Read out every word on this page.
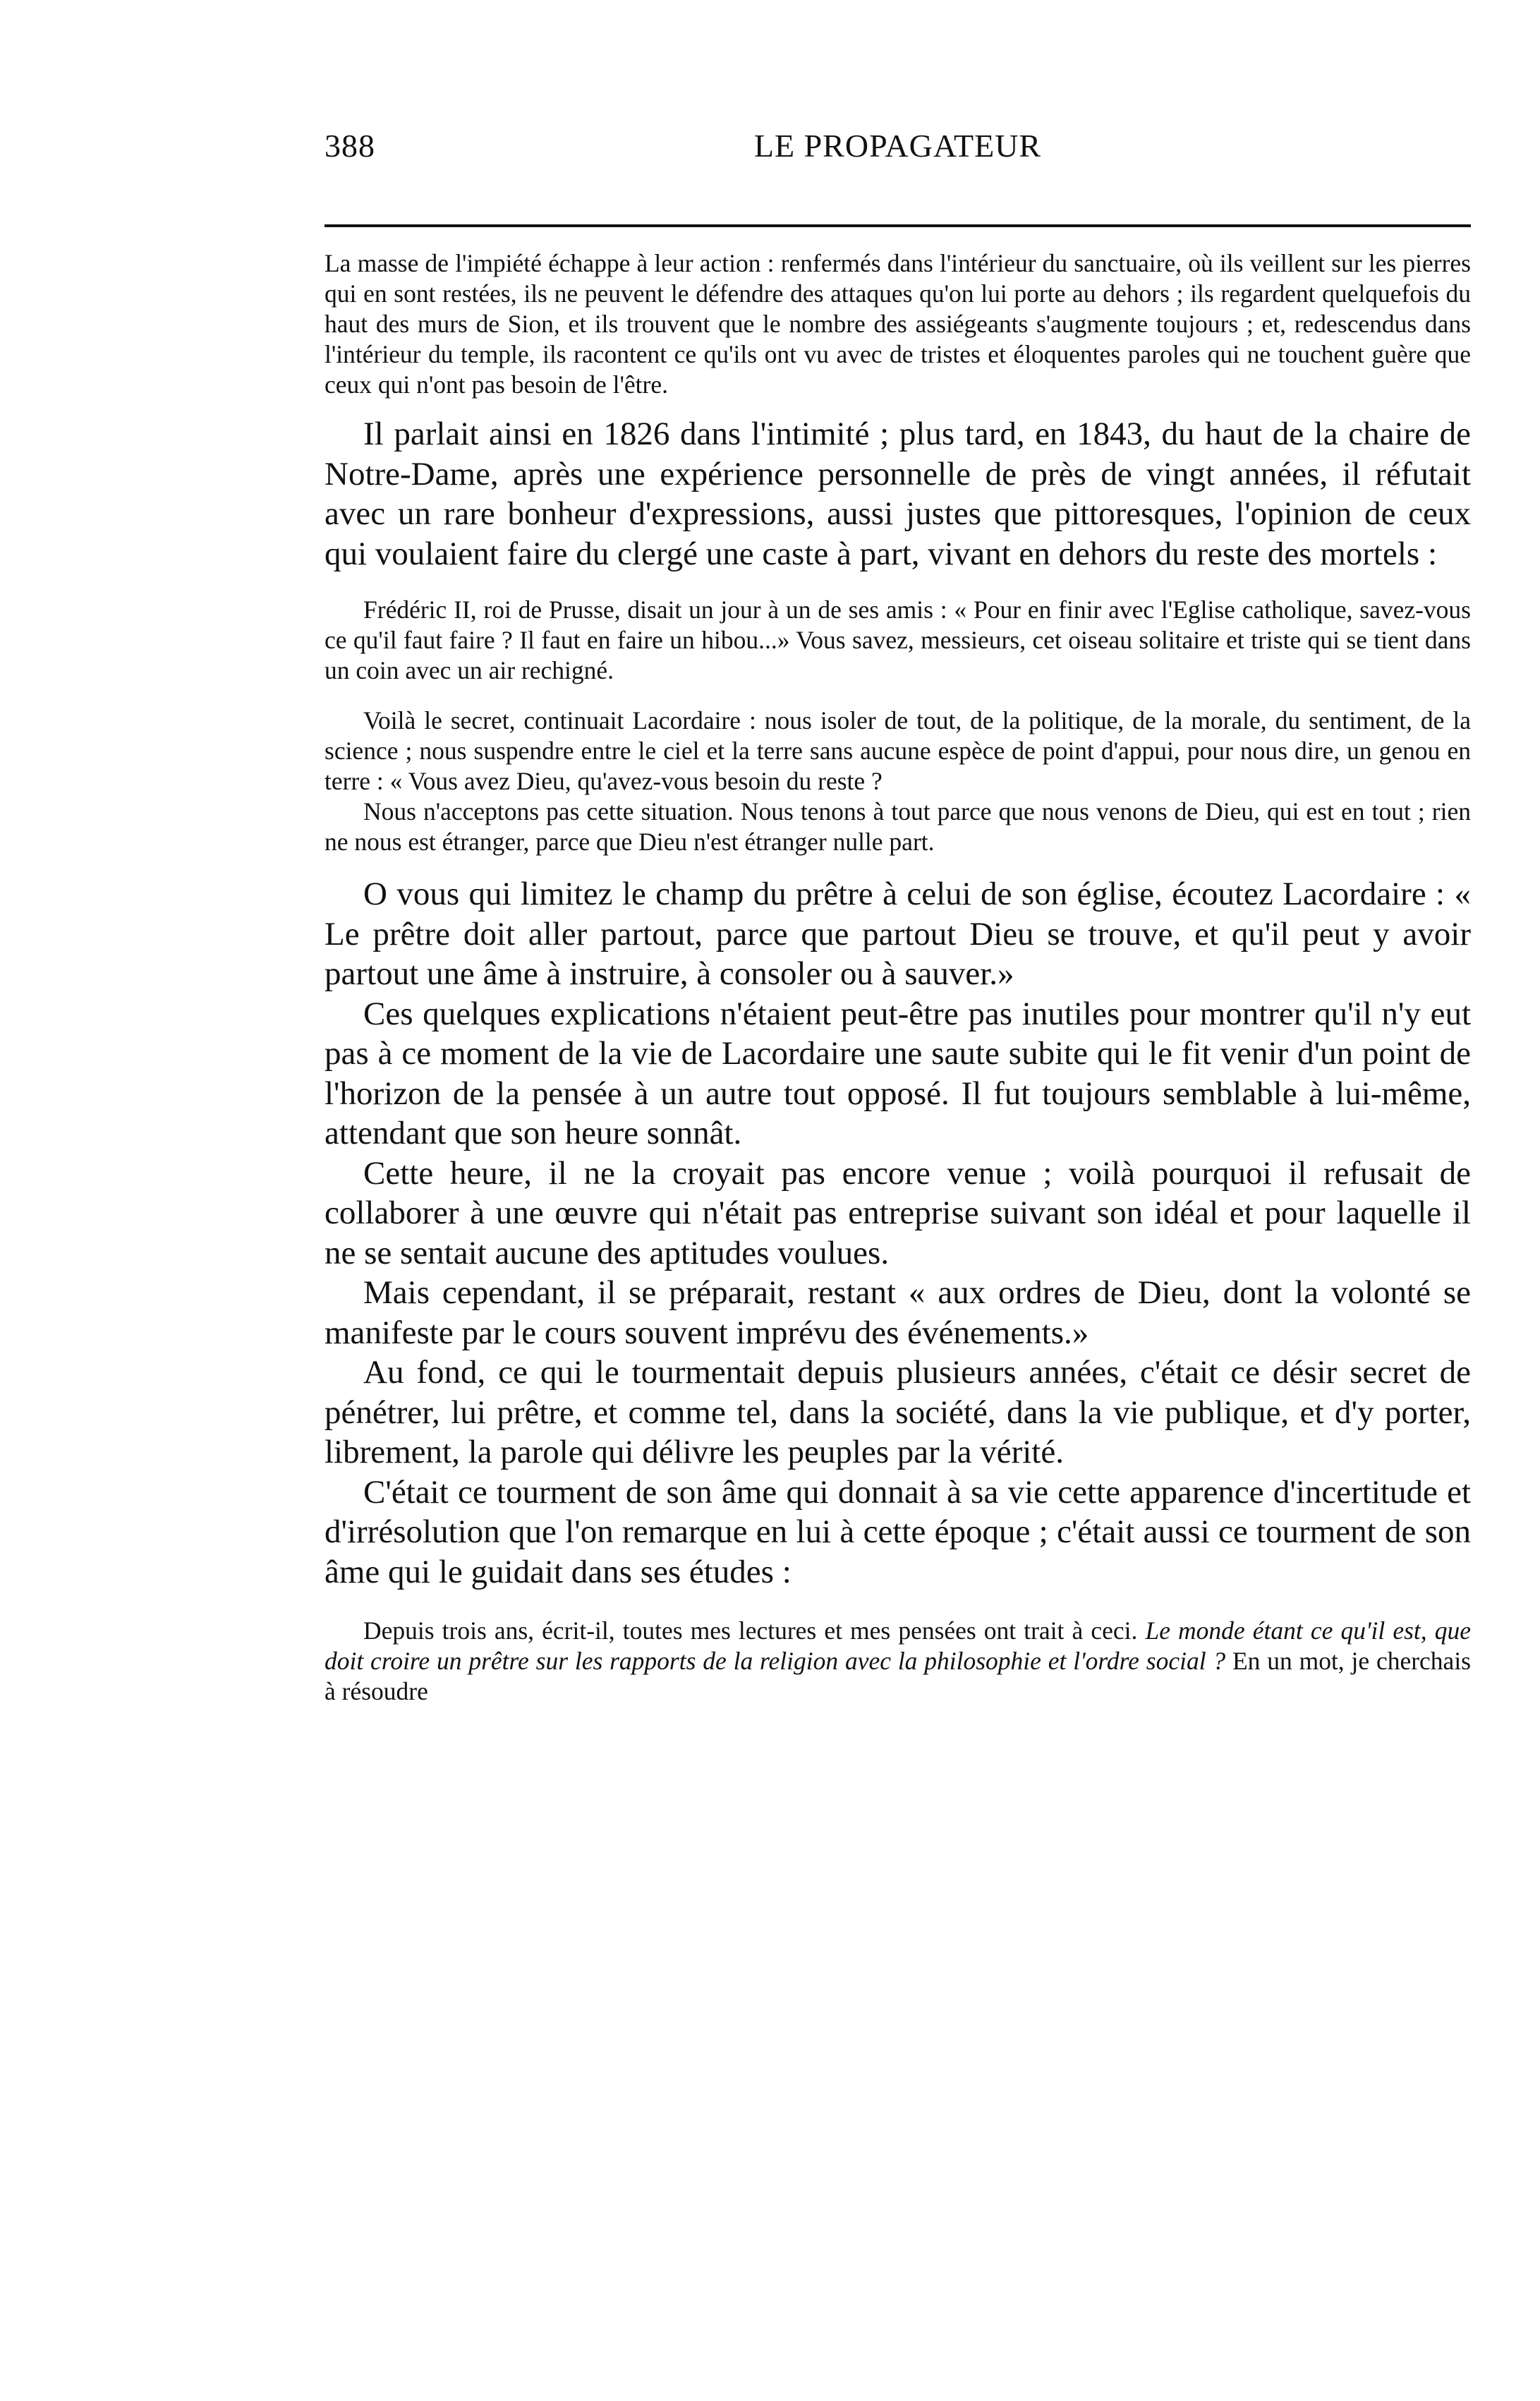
388	LE PROPAGATEUR

La masse de l'impiété échappe à leur action : renfermés dans l'intérieur du sanctuaire, où ils veillent sur les pierres qui en sont restées, ils ne peuvent le défendre des attaques qu'on lui porte au dehors ; ils regardent quelquefois du haut des murs de Sion, et ils trouvent que le nombre des assiégeants s'augmente toujours ; et, redescendus dans l'intérieur du temple, ils racontent ce qu'ils ont vu avec de tristes et éloquentes paroles qui ne touchent guère que ceux qui n'ont pas besoin de l'être.

Il parlait ainsi en 1826 dans l'intimité ; plus tard, en 1843, du haut de la chaire de Notre-Dame, après une expérience personnelle de près de vingt années, il réfutait avec un rare bonheur d'expressions, aussi justes que pittoresques, l'opinion de ceux qui voulaient faire du clergé une caste à part, vivant en dehors du reste des mortels :

Frédéric II, roi de Prusse, disait un jour à un de ses amis : « Pour en finir avec l'Eglise catholique, savez-vous ce qu'il faut faire ? Il faut en faire un hibou...» Vous savez, messieurs, cet oiseau solitaire et triste qui se tient dans un coin avec un air rechigné.

Voilà le secret, continuait Lacordaire : nous isoler de tout, de la politique, de la morale, du sentiment, de la science ; nous suspendre entre le ciel et la terre sans aucune espèce de point d'appui, pour nous dire, un genou en terre : « Vous avez Dieu, qu'avez-vous besoin du reste ?

Nous n'acceptons pas cette situation. Nous tenons à tout parce que nous venons de Dieu, qui est en tout ; rien ne nous est étranger, parce que Dieu n'est étranger nulle part.

O vous qui limitez le champ du prêtre à celui de son église, écoutez Lacordaire : « Le prêtre doit aller partout, parce que partout Dieu se trouve, et qu'il peut y avoir partout une âme à instruire, à consoler ou à sauver.»

Ces quelques explications n'étaient peut-être pas inutiles pour montrer qu'il n'y eut pas à ce moment de la vie de Lacordaire une saute subite qui le fit venir d'un point de l'horizon de la pensée à un autre tout opposé. Il fut toujours semblable à lui-même, attendant que son heure sonnât.

Cette heure, il ne la croyait pas encore venue ; voilà pourquoi il refusait de collaborer à une œuvre qui n'était pas entreprise suivant son idéal et pour laquelle il ne se sentait aucune des aptitudes voulues.

Mais cependant, il se préparait, restant « aux ordres de Dieu, dont la volonté se manifeste par le cours souvent imprévu des événements.»

Au fond, ce qui le tourmentait depuis plusieurs années, c'était ce désir secret de pénétrer, lui prêtre, et comme tel, dans la société, dans la vie publique, et d'y porter, librement, la parole qui délivre les peuples par la vérité.

C'était ce tourment de son âme qui donnait à sa vie cette apparence d'incertitude et d'irrésolution que l'on remarque en lui à cette époque ; c'était aussi ce tourment de son âme qui le guidait dans ses études :

Depuis trois ans, écrit-il, toutes mes lectures et mes pensées ont trait à ceci. Le monde étant ce qu'il est, que doit croire un prêtre sur les rapports de la religion avec la philosophie et l'ordre social ? En un mot, je cherchais à résoudre
